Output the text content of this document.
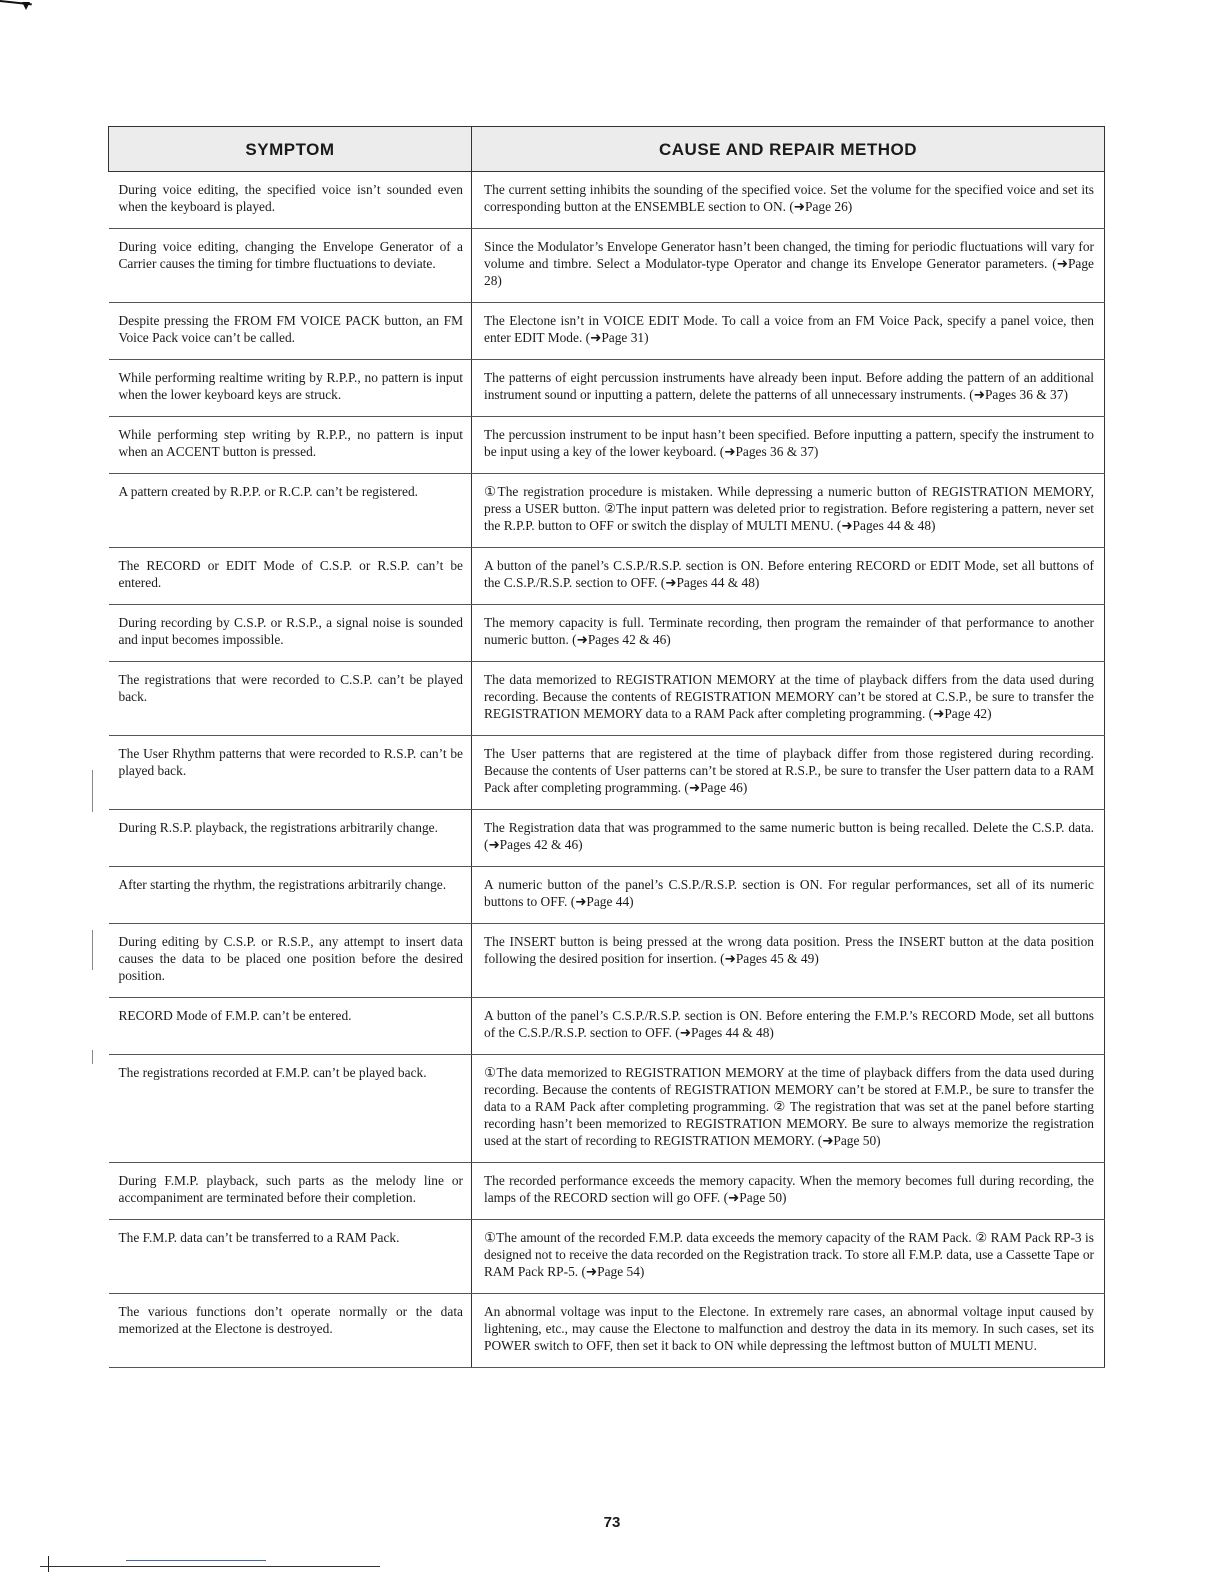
SYMPTOM	CAUSE AND REPAIR METHOD
During voice editing, the specified voice isn’t sounded even when the keyboard is played.	The current setting inhibits the sounding of the specified voice. Set the volume for the specified voice and set its corresponding button at the ENSEMBLE section to ON. (➜Page 26)
During voice editing, changing the Envelope Generator of a Carrier causes the timing for timbre fluctuations to deviate.	Since the Modulator’s Envelope Generator hasn’t been changed, the timing for periodic fluctuations will vary for volume and timbre. Select a Modulator-type Operator and change its Envelope Generator parameters. (➜Page 28)
Despite pressing the FROM FM VOICE PACK button, an FM Voice Pack voice can’t be called.	The Electone isn’t in VOICE EDIT Mode. To call a voice from an FM Voice Pack, specify a panel voice, then enter EDIT Mode. (➜Page 31)
While performing realtime writing by R.P.P., no pattern is input when the lower keyboard keys are struck.	The patterns of eight percussion instruments have already been input. Before adding the pattern of an additional instrument sound or inputting a pattern, delete the patterns of all unnecessary instruments. (➜Pages 36 & 37)
While performing step writing by R.P.P., no pattern is input when an ACCENT button is pressed.	The percussion instrument to be input hasn’t been specified. Before inputting a pattern, specify the instrument to be input using a key of the lower keyboard. (➜Pages 36 & 37)
A pattern created by R.P.P. or R.C.P. can’t be registered.	①The registration procedure is mistaken. While depressing a numeric button of REGISTRATION MEMORY, press a USER button. ②The input pattern was deleted prior to registration. Before registering a pattern, never set the R.P.P. button to OFF or switch the display of MULTI MENU. (➜Pages 44 & 48)
The RECORD or EDIT Mode of C.S.P. or R.S.P. can’t be entered.	A button of the panel’s C.S.P./R.S.P. section is ON. Before entering RECORD or EDIT Mode, set all buttons of the C.S.P./R.S.P. section to OFF. (➜Pages 44 & 48)
During recording by C.S.P. or R.S.P., a signal noise is sounded and input becomes impossible.	The memory capacity is full. Terminate recording, then program the remainder of that performance to another numeric button. (➜Pages 42 & 46)
The registrations that were recorded to C.S.P. can’t be played back.	The data memorized to REGISTRATION MEMORY at the time of playback differs from the data used during recording. Because the contents of REGISTRATION MEMORY can’t be stored at C.S.P., be sure to transfer the REGISTRATION MEMORY data to a RAM Pack after completing programming. (➜Page 42)
The User Rhythm patterns that were recorded to R.S.P. can’t be played back.	The User patterns that are registered at the time of playback differ from those registered during recording. Because the contents of User patterns can’t be stored at R.S.P., be sure to transfer the User pattern data to a RAM Pack after completing programming. (➜Page 46)
During R.S.P. playback, the registrations arbitrarily change.	The Registration data that was programmed to the same numeric button is being recalled. Delete the C.S.P. data. (➜Pages 42 & 46)
After starting the rhythm, the registrations arbitrarily change.	A numeric button of the panel’s C.S.P./R.S.P. section is ON. For regular performances, set all of its numeric buttons to OFF. (➜Page 44)
During editing by C.S.P. or R.S.P., any attempt to insert data causes the data to be placed one position before the desired position.	The INSERT button is being pressed at the wrong data position. Press the INSERT button at the data position following the desired position for insertion. (➜Pages 45 & 49)
RECORD Mode of F.M.P. can’t be entered.	A button of the panel’s C.S.P./R.S.P. section is ON. Before entering the F.M.P.’s RECORD Mode, set all buttons of the C.S.P./R.S.P. section to OFF. (➜Pages 44 & 48)
The registrations recorded at F.M.P. can’t be played back.	①The data memorized to REGISTRATION MEMORY at the time of playback differs from the data used during recording. Because the contents of REGISTRATION MEMORY can’t be stored at F.M.P., be sure to transfer the data to a RAM Pack after completing programming. ② The registration that was set at the panel before starting recording hasn’t been memorized to REGISTRATION MEMORY. Be sure to always memorize the registration used at the start of recording to REGISTRATION MEMORY. (➜Page 50)
During F.M.P. playback, such parts as the melody line or accompaniment are terminated before their completion.	The recorded performance exceeds the memory capacity. When the memory becomes full during recording, the lamps of the RECORD section will go OFF. (➜Page 50)
The F.M.P. data can’t be transferred to a RAM Pack.	①The amount of the recorded F.M.P. data exceeds the memory capacity of the RAM Pack. ② RAM Pack RP-3 is designed not to receive the data recorded on the Registration track. To store all F.M.P. data, use a Cassette Tape or RAM Pack RP-5. (➜Page 54)
The various functions don’t operate normally or the data memorized at the Electone is destroyed.	An abnormal voltage was input to the Electone. In extremely rare cases, an abnormal voltage input caused by lightening, etc., may cause the Electone to malfunction and destroy the data in its memory. In such cases, set its POWER switch to OFF, then set it back to ON while depressing the leftmost button of MULTI MENU.
73
